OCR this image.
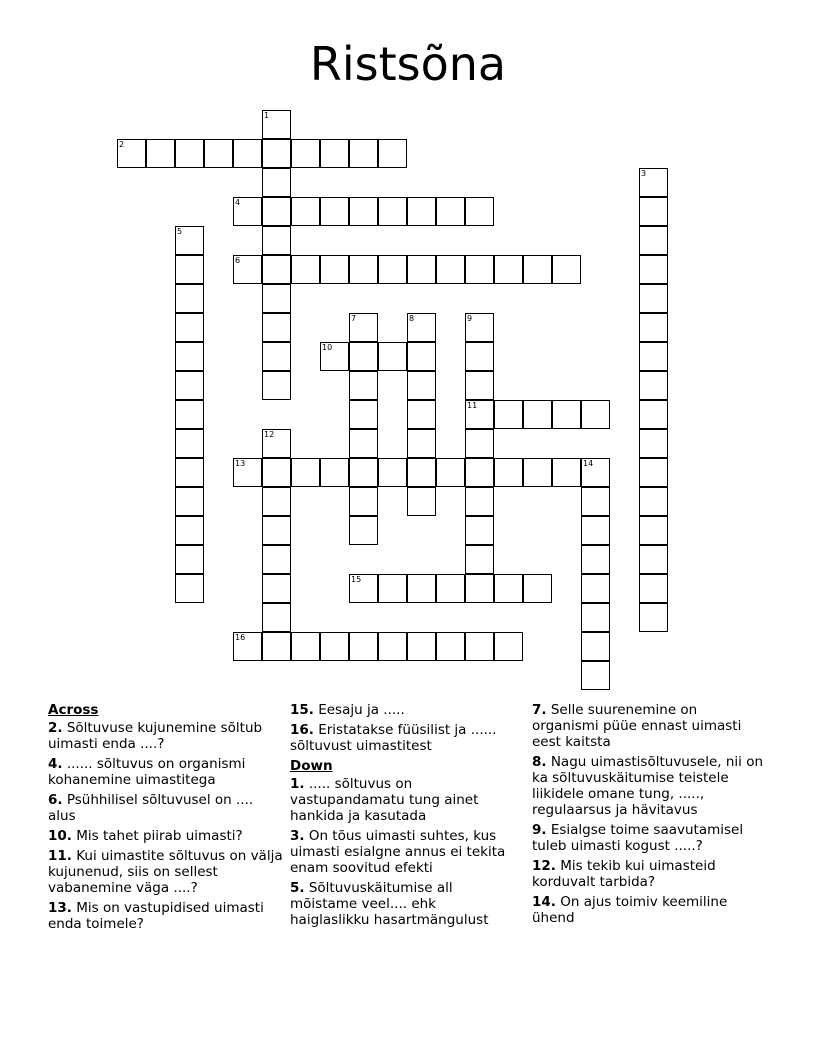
Ristsõna
1
2
3
4
5
6
7	8	9
11
10
12
13	14
15
16
Across
2. Sõltuvuse kujunemine sõltub uimasti enda ....?
4. ...... sõltuvus on organismi kohanemine uimastitega
6. Psühhilisel sõltuvusel on .... alus
10. Mis tahet piirab uimasti?
11. Kui uimastite sõltuvus on välja kujunenud, siis on sellest vabanemine väga ....?
13. Mis on vastupidised uimasti enda toimele?
15. Eesaju ja .....
16. Eristatakse füüsilist ja ...... sõltuvust uimastitest
Down
1. ..... sõltuvus on vastupandamatu tung ainet hankida ja kasutada
3. On tõus uimasti suhtes, kus uimasti esialgne annus ei tekita enam soovitud efekti
5. Sõltuvuskäitumise all mõistame veel.... ehk haiglaslikku hasartmängulust
7. Selle suurenemine on organismi püüe ennast uimasti eest kaitsta
8. Nagu uimastisõltuvusele, nii on ka sõltuvuskäitumise teistele liikidele omane tung, ....., regulaarsus ja hävitavus
9. Esialgse toime saavutamisel tuleb uimasti kogust .....?
12. Mis tekib kui uimasteid korduvalt tarbida?
14. On ajus toimiv keemiline ühend
